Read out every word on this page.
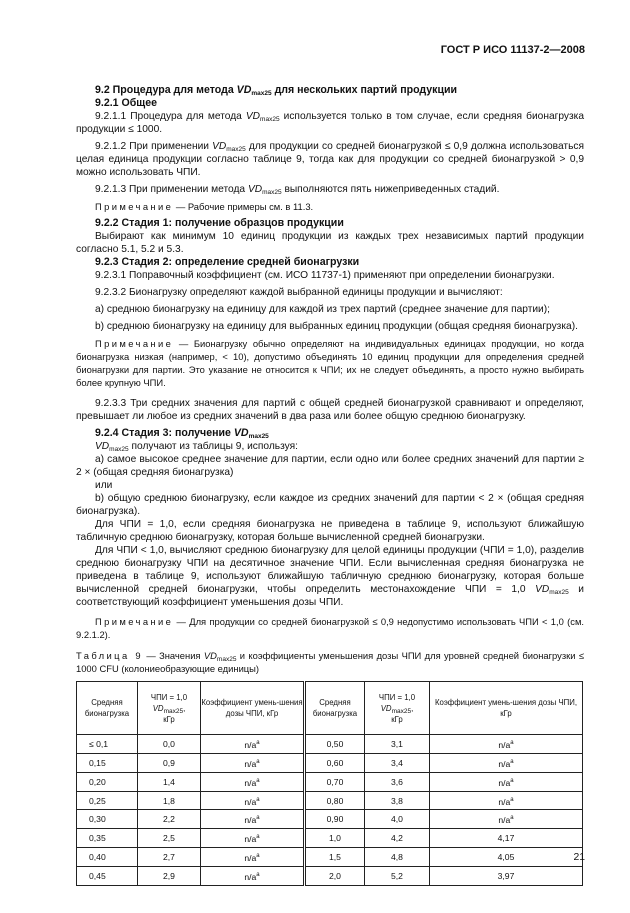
ГОСТ Р ИСО 11137-2—2008

9.2 Процедура для метода $VD_{max25}$ для нескольких партий продукции

9.2.1 Общее

9.2.1.1 Процедура для метода $VD_{max25}$ используется только в том случае, если средняя бионагрузка продукции ≤ 1000.

9.2.1.2 При применении $VD_{max25}$ для продукции со средней бионагрузкой ≤ 0,9 должна использоваться целая единица продукции согласно таблице 9, тогда как для продукции со средней бионагрузкой > 0,9 можно использовать ЧПИ.

9.2.1.3 При применении метода $VD_{max25}$ выполняются пять нижеприведенных стадий.

Примечание — Рабочие примеры см. в 11.3.

9.2.2 Стадия 1: получение образцов продукции

Выбирают как минимум 10 единиц продукции из каждых трех независимых партий продукции согласно 5.1, 5.2 и 5.3.

9.2.3 Стадия 2: определение средней бионагрузки

9.2.3.1 Поправочный коэффициент (см. ИСО 11737-1) применяют при определении бионагрузки.

9.2.3.2 Бионагрузку определяют каждой выбранной единицы продукции и вычисляют:

a) среднюю бионагрузку на единицу для каждой из трех партий (среднее значение для партии);

b) среднюю бионагрузку на единицу для выбранных единиц продукции (общая средняя бионагрузка).

Примечание — Бионагрузку обычно определяют на индивидуальных единицах продукции, но когда бионагрузка низкая (например, < 10), допустимо объединять 10 единиц продукции для определения средней бионагрузки для партии. Это указание не относится к ЧПИ; их не следует объединять, а просто нужно выбирать более крупную ЧПИ.

9.2.3.3 Три средних значения для партий с общей средней бионагрузкой сравнивают и определяют, превышает ли любое из средних значений в два раза или более общую среднюю бионагрузку.

9.2.4 Стадия 3: получение $VD_{max25}$

$VD_{max25}$ получают из таблицы 9, используя:

a) самое высокое среднее значение для партии, если одно или более средних значений для партии ≥ 2 × (общая средняя бионагрузка)

или

b) общую среднюю бионагрузку, если каждое из средних значений для партии < 2 × (общая средняя бионагрузка).

Для ЧПИ = 1,0, если средняя бионагрузка не приведена в таблице 9, используют ближайшую табличную среднюю бионагрузку, которая больше вычисленной средней бионагрузки.

Для ЧПИ < 1,0, вычисляют среднюю бионагрузку для целой единицы продукции (ЧПИ = 1,0), разделив среднюю бионагрузку ЧПИ на десятичное значение ЧПИ. Если вычисленная средняя бионагрузка не приведена в таблице 9, используют ближайшую табличную среднюю бионагрузку, которая больше вычисленной средней бионагрузки, чтобы определить местонахождение ЧПИ = 1,0 $VD_{max25}$ и соответствующий коэффициент уменьшения дозы ЧПИ.

Примечание — Для продукции со средней бионагрузкой ≤ 0,9 недопустимо использовать ЧПИ < 1,0 (см. 9.2.1.2).

Таблица 9 — Значения $VD_{max25}$ и коэффициенты уменьшения дозы ЧПИ для уровней средней бионагрузки ≤ 1000 CFU (колониеобразующие единицы)

Средняя бионагрузка	ЧПИ = 1,0
$VD_{max25}$,
кГр	Коэффициент умень-шения дозы ЧПИ, кГр	Средняя бионагрузка	ЧПИ = 1,0
$VD_{max25}$,
кГр	Коэффициент умень-шения дозы ЧПИ, кГр
≤ 0,1	0,0	$n/a^a$	0,50	3,1	$n/a^a$
0,15	0,9	$n/a^a$	0,60	3,4	$n/a^a$
0,20	1,4	$n/a^a$	0,70	3,6	$n/a^a$
0,25	1,8	$n/a^a$	0,80	3,8	$n/a^a$
0,30	2,2	$n/a^a$	0,90	4,0	$n/a^a$
0,35	2,5	$n/a^a$	1,0	4,2	4,17
0,40	2,7	$n/a^a$	1,5	4,8	4,05
0,45	2,9	$n/a^a$	2,0	5,2	3,97
21
